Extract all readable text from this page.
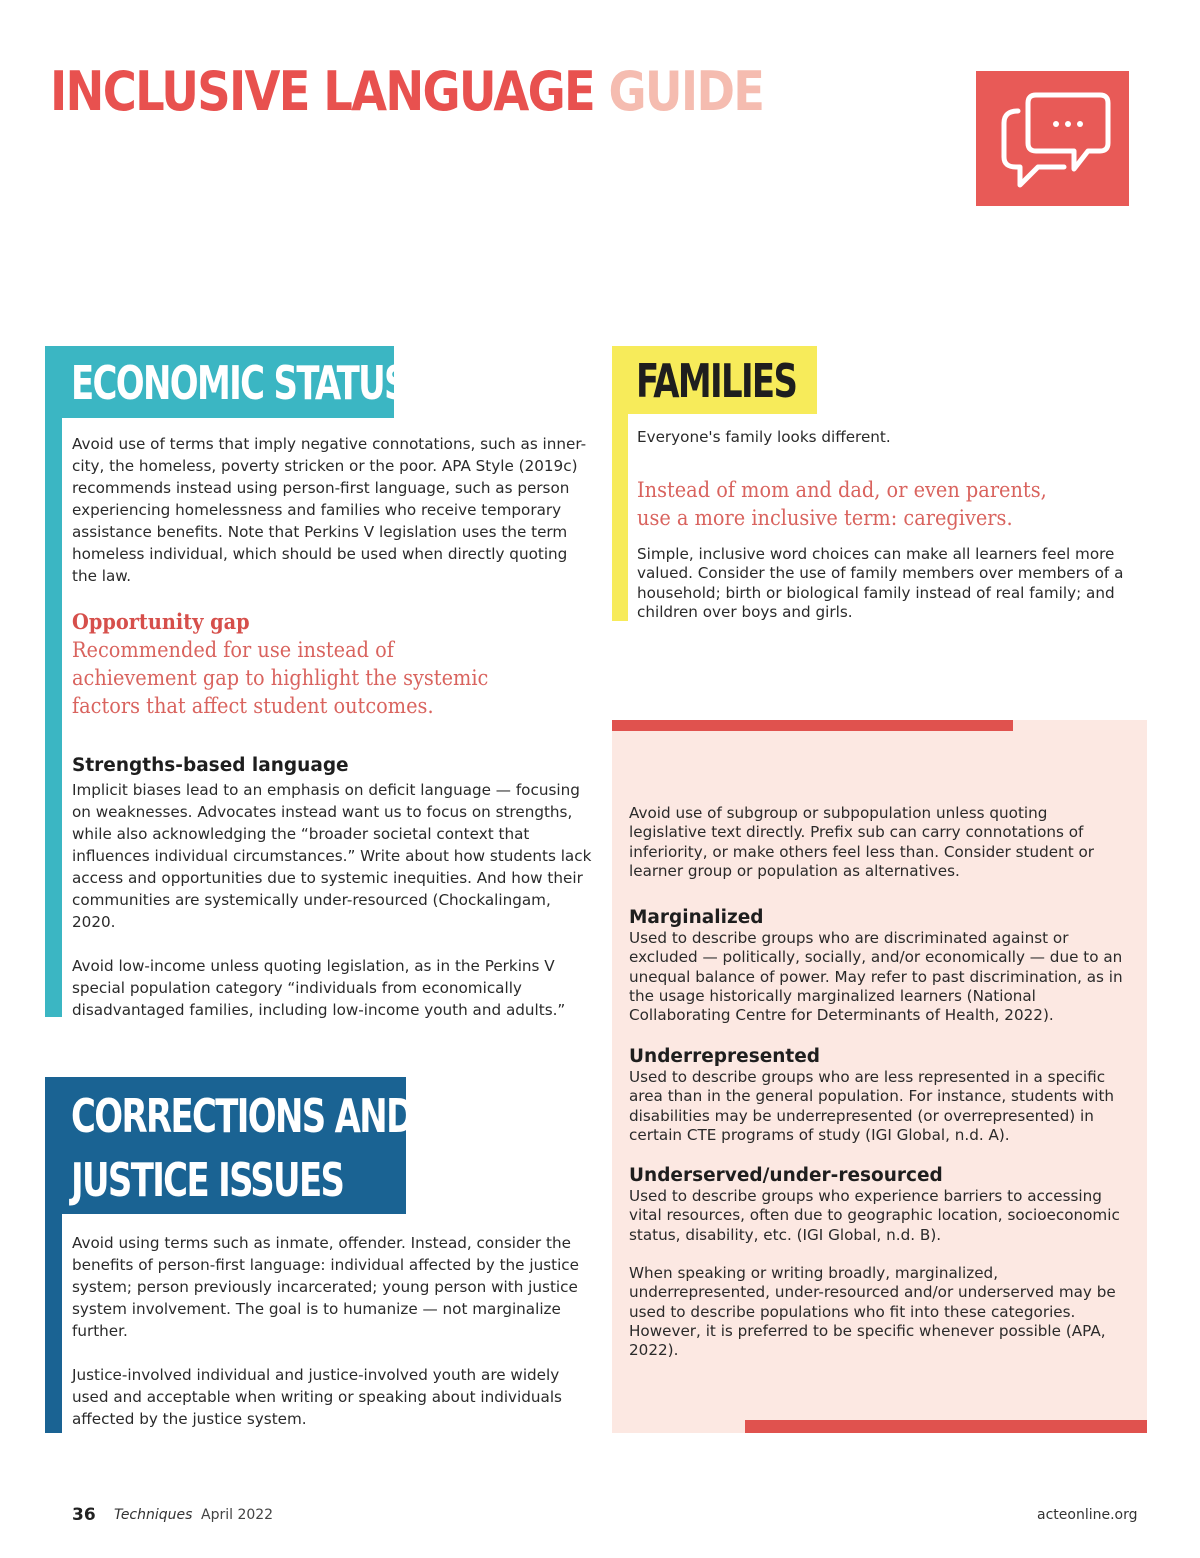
INCLUSIVE LANGUAGE GUIDE
ECONOMIC STATUS

Avoid use of terms that imply negative connotations, such as inner-city, the homeless, poverty stricken or the poor. APA Style (2019c) recommends instead using person-first language, such as person experiencing homelessness and families who receive temporary assistance benefits. Note that Perkins V legislation uses the term homeless individual, which should be used when directly quoting the law.

Opportunity gap

Recommended for use instead of achievement gap to highlight the systemic factors that affect student outcomes.

Strengths-based language

Implicit biases lead to an emphasis on deficit language — focusing on weaknesses. Advocates instead want us to focus on strengths, while also acknowledging the “broader societal context that influences individual circumstances.” Write about how students lack access and opportunities due to systemic inequities. And how their communities are systemically under-resourced (Chockalingam, 2020.

Avoid low-income unless quoting legislation, as in the Perkins V special population category “individuals from economically disadvantaged families, including low-income youth and adults.”

FAMILIES

Everyone's family looks different.

Instead of mom and dad, or even parents, use a more inclusive term: caregivers.

Simple, inclusive word choices can make all learners feel more valued. Consider the use of family members over members of a household; birth or biological family instead of real family; and children over boys and girls.

Avoid use of subgroup or subpopulation unless quoting legislative text directly. Prefix sub can carry connotations of inferiority, or make others feel less than. Consider student or learner group or population as alternatives.

Marginalized

Used to describe groups who are discriminated against or excluded — politically, socially, and/or economically — due to an unequal balance of power. May refer to past discrimination, as in the usage historically marginalized learners (National Collaborating Centre for Determinants of Health, 2022).

Underrepresented

Used to describe groups who are less represented in a specific area than in the general population. For instance, students with disabilities may be underrepresented (or overrepresented) in certain CTE programs of study (IGI Global, n.d. A).

Underserved/under-resourced

Used to describe groups who experience barriers to accessing vital resources, often due to geographic location, socioeconomic status, disability, etc. (IGI Global, n.d. B).

When speaking or writing broadly, marginalized, underrepresented, under-resourced and/or underserved may be used to describe populations who fit into these categories. However, it is preferred to be specific whenever possible (APA, 2022).

CORRECTIONS AND
JUSTICE ISSUES

Avoid using terms such as inmate, offender. Instead, consider the benefits of person-first language: individual affected by the justice system; person previously incarcerated; young person with justice system involvement. The goal is to humanize — not marginalize further.

Justice-involved individual and justice-involved youth are widely used and acceptable when writing or speaking about individuals affected by the justice system.

36 Techniques April 2022	acteonline.org
